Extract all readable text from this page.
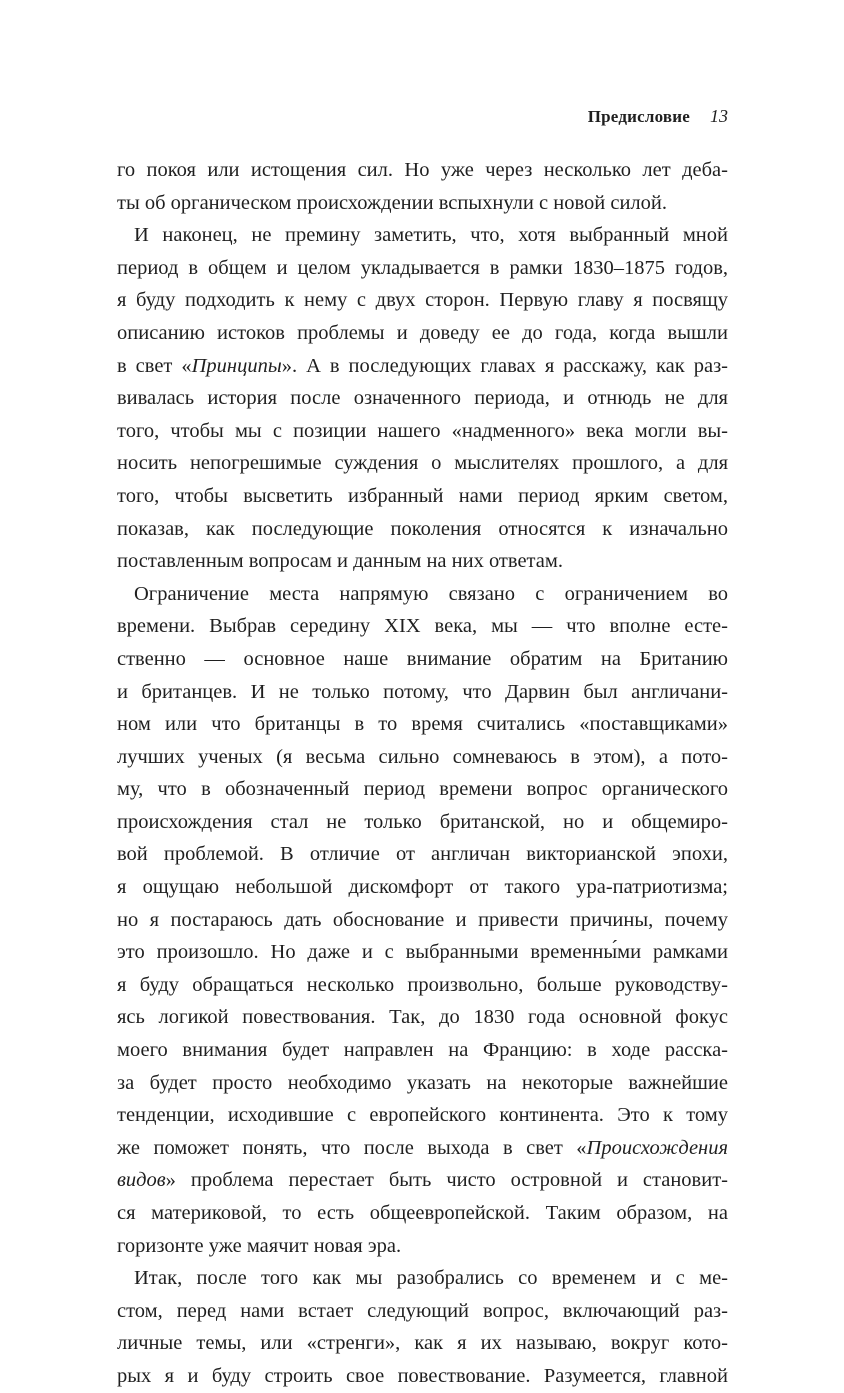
Предисловие 13
го покоя или истощения сил. Но уже через несколько лет деба-
ты об органическом происхождении вспыхнули с новой силой.
И наконец, не премину заметить, что, хотя выбранный мной
период в общем и целом укладывается в рамки 1830–1875 годов,
я буду подходить к нему с двух сторон. Первую главу я посвящу
описанию истоков проблемы и доведу ее до года, когда вышли
в свет «Принципы». А в последующих главах я расскажу, как раз-
вивалась история после означенного периода, и отнюдь не для
того, чтобы мы с позиции нашего «надменного» века могли вы-
носить непогрешимые суждения о мыслителях прошлого, а для
того, чтобы высветить избранный нами период ярким светом,
показав, как последующие поколения относятся к изначально
поставленным вопросам и данным на них ответам.
Ограничение места напрямую связано с ограничением во
времени. Выбрав середину XIX века, мы — что вполне есте-
ственно — основное наше внимание обратим на Британию
и британцев. И не только потому, что Дарвин был англичани-
ном или что британцы в то время считались «поставщиками»
лучших ученых (я весьма сильно сомневаюсь в этом), а пото-
му, что в обозначенный период времени вопрос органического
происхождения стал не только британской, но и общемиро-
вой проблемой. В отличие от англичан викторианской эпохи,
я ощущаю небольшой дискомфорт от такого ура-патриотизма;
но я постараюсь дать обоснование и привести причины, почему
это произошло. Но даже и с выбранными временны́ми рамками
я буду обращаться несколько произвольно, больше руководству-
ясь логикой повествования. Так, до 1830 года основной фокус
моего внимания будет направлен на Францию: в ходе расска-
за будет просто необходимо указать на некоторые важнейшие
тенденции, исходившие с европейского континента. Это к тому
же поможет понять, что после выхода в свет «Происхождения
видов» проблема перестает быть чисто островной и становит-
ся материковой, то есть общеевропейской. Таким образом, на
горизонте уже маячит новая эра.
Итак, после того как мы разобрались со временем и с ме-
стом, перед нами встает следующий вопрос, включающий раз-
личные темы, или «стренги», как я их называю, вокруг кото-
рых я и буду строить свое повествование. Разумеется, главной
